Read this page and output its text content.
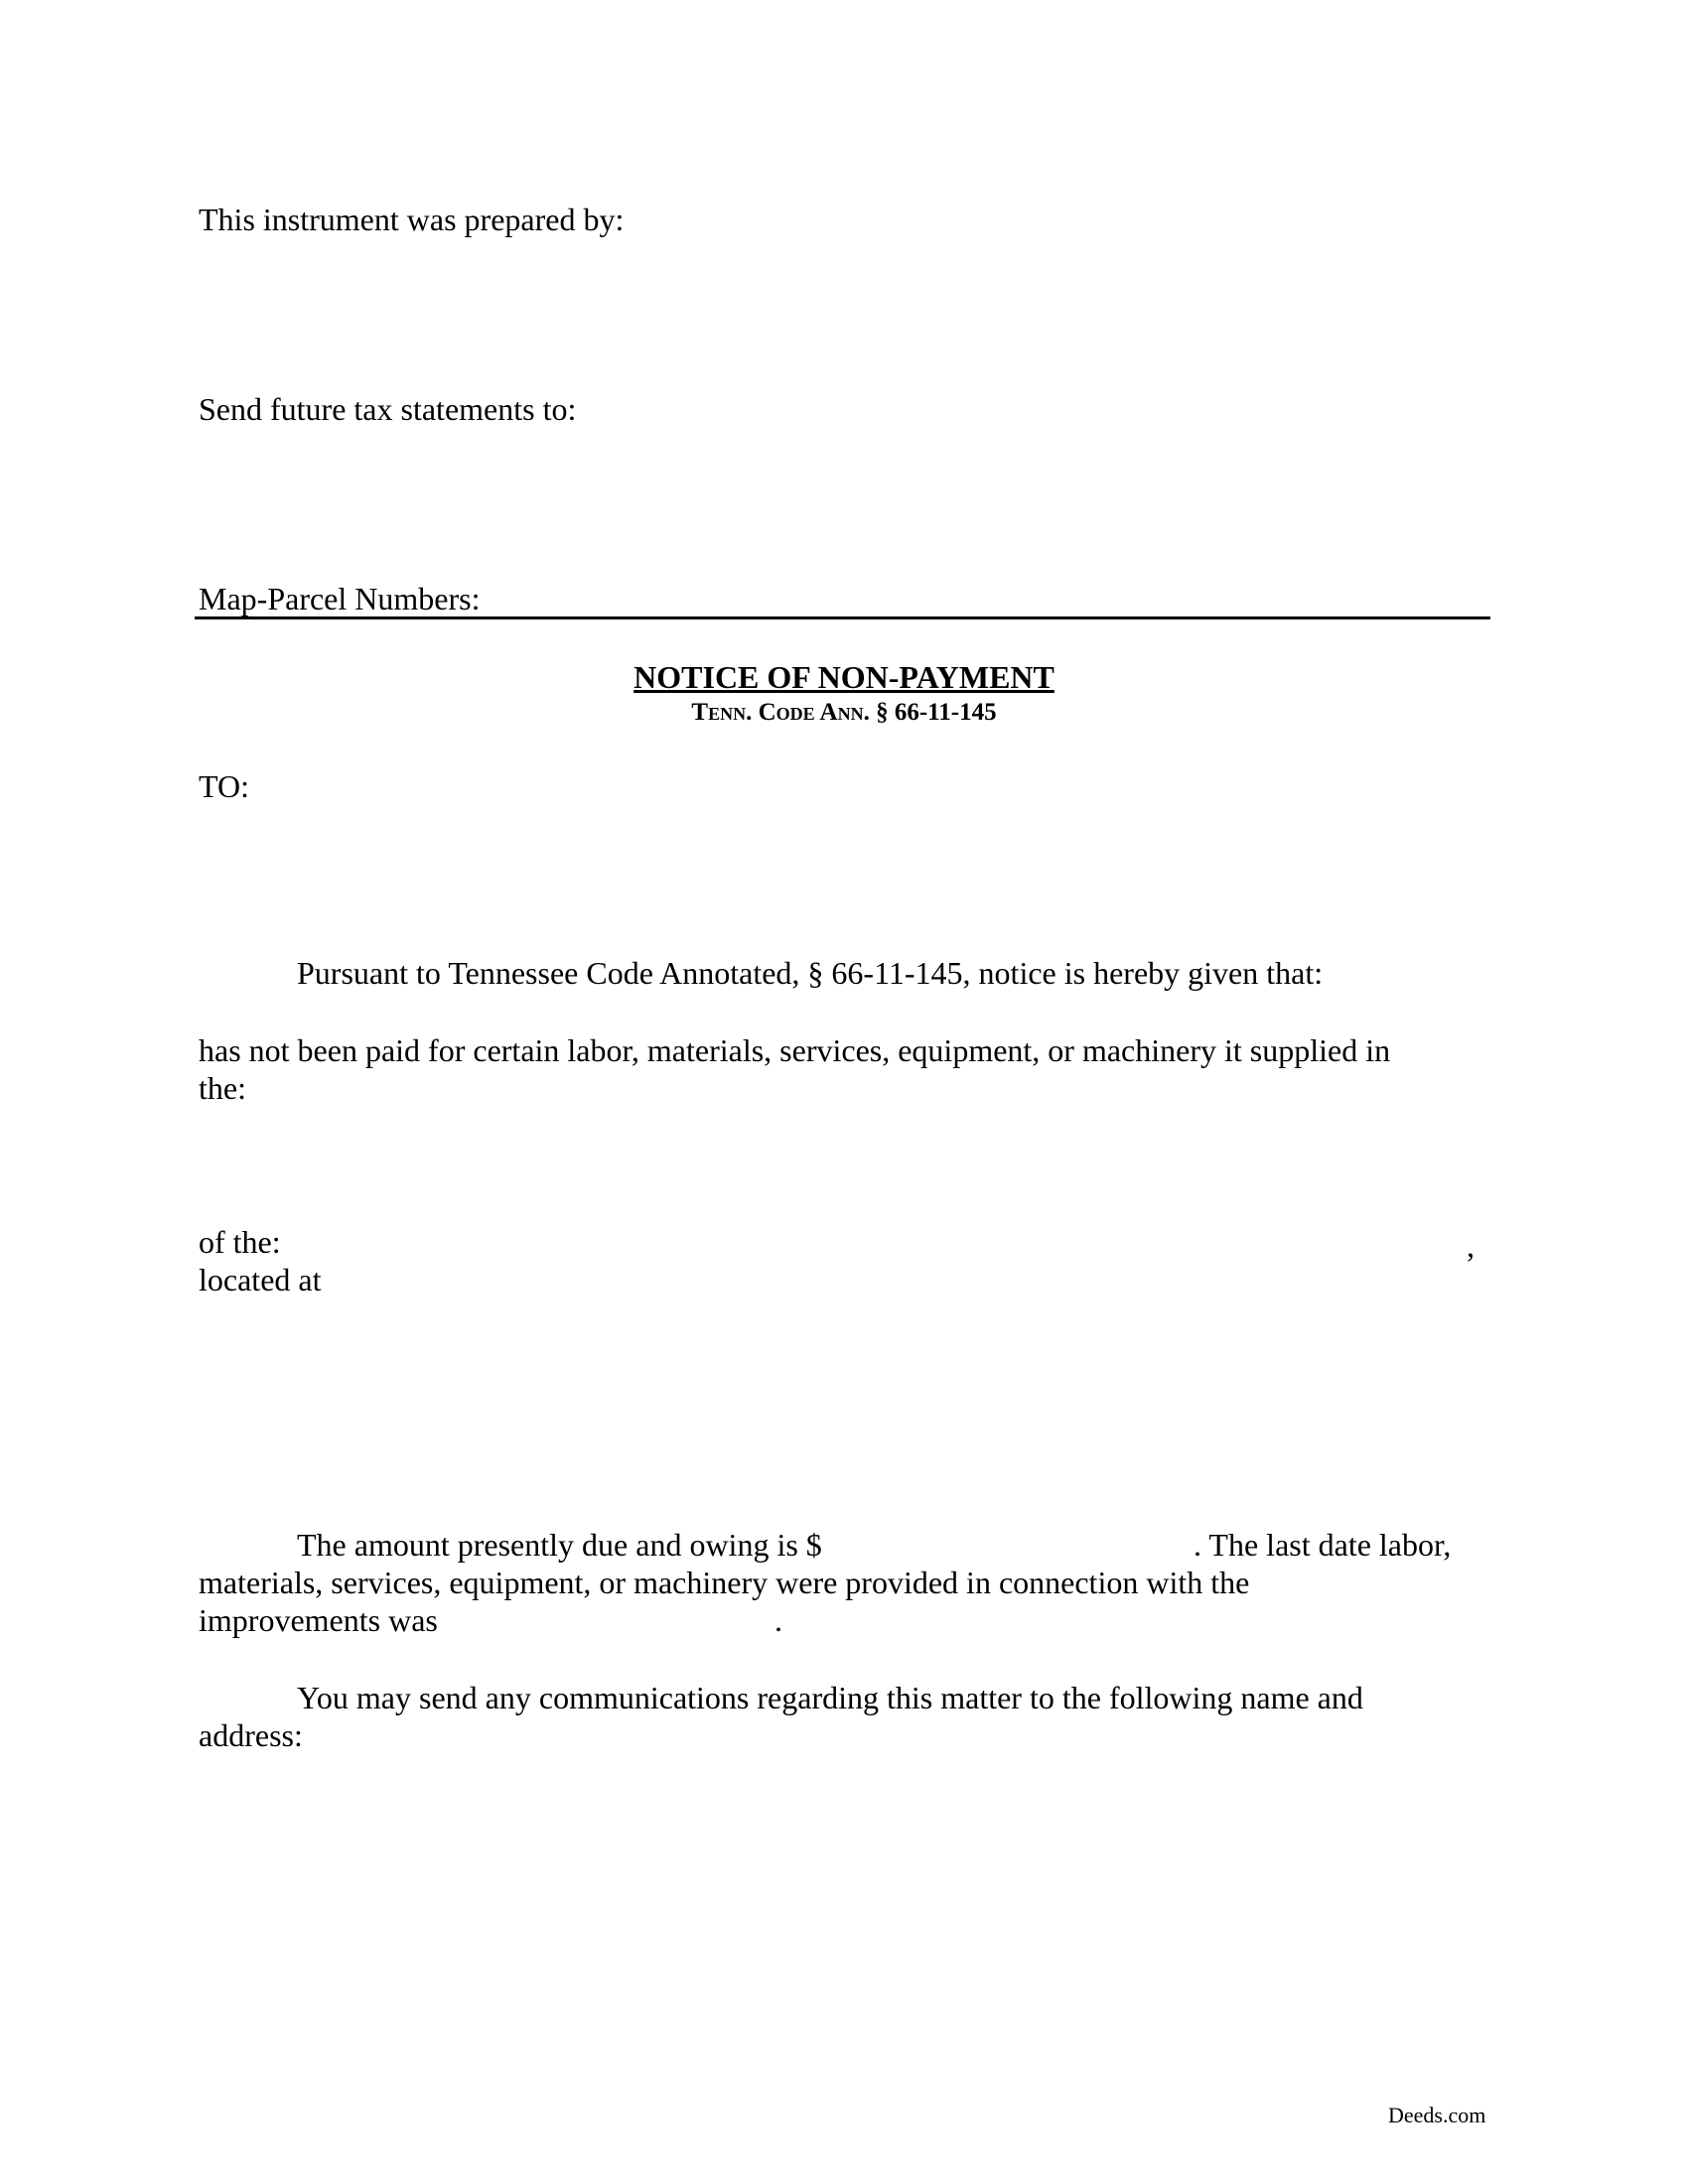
This instrument was prepared by:
Send future tax statements to:
Map-Parcel Numbers:
NOTICE OF NON-PAYMENT
Tenn. Code Ann. § 66-11-145
TO:
Pursuant to Tennessee Code Annotated, § 66-11-145, notice is hereby given that:
has not been paid for certain labor, materials, services, equipment, or machinery it supplied in
the:
of the:	,
located at
The amount presently due and owing is $	. The last date labor,
materials, services, equipment, or machinery were provided in connection with the
improvements was	.
You may send any communications regarding this matter to the following name and
address:
Deeds.com
